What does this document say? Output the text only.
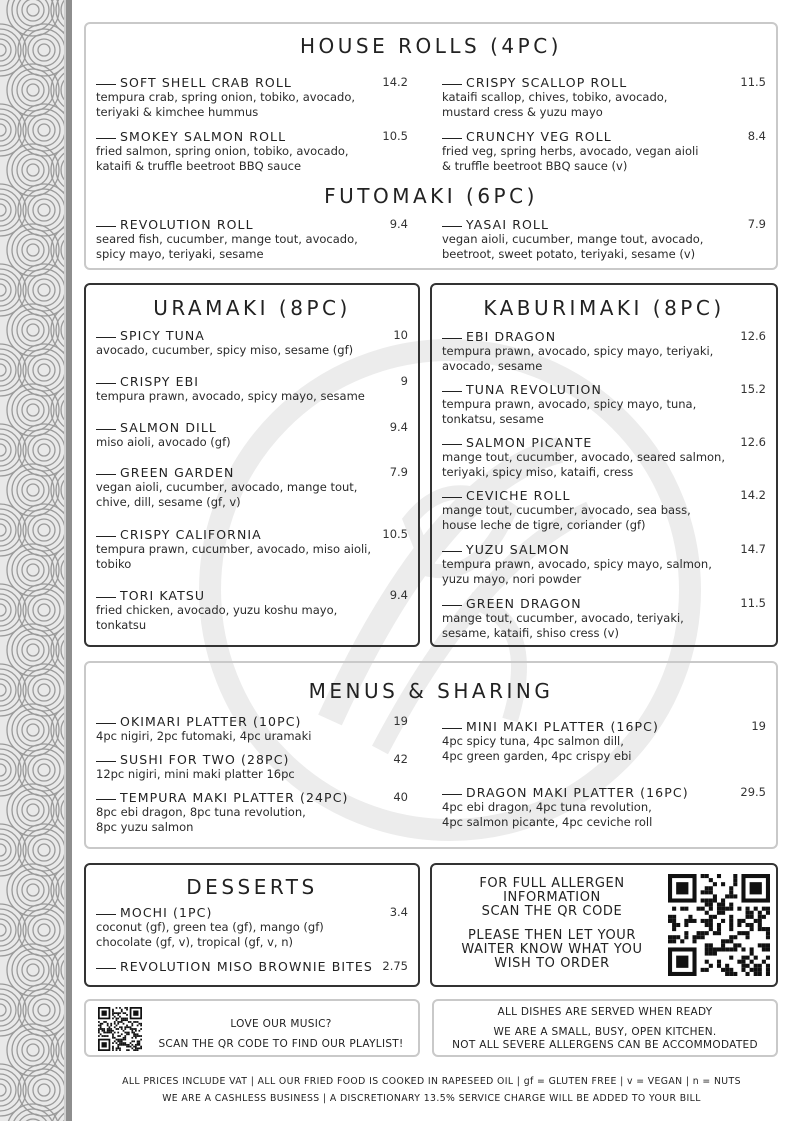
HOUSE ROLLS (4PC)
FUTOMAKI (6PC)
SOFT SHELL CRAB ROLL	14.2
tempura crab, spring onion, tobiko, avocado,
teriyaki & kimchee hummus
CRISPY SCALLOP ROLL	11.5
kataifi scallop, chives, tobiko, avocado,
mustard cress & yuzu mayo
SMOKEY SALMON ROLL	10.5
fried salmon, spring onion, tobiko, avocado,
kataifi & truffle beetroot BBQ sauce
CRUNCHY VEG ROLL	8.4
fried veg, spring herbs, avocado, vegan aioli
& truffle beetroot BBQ sauce (v)
REVOLUTION ROLL	9.4
seared fish, cucumber, mange tout, avocado,
spicy mayo, teriyaki, sesame
YASAI ROLL	7.9
vegan aioli, cucumber, mange tout, avocado,
beetroot, sweet potato, teriyaki, sesame (v)
SPICY TUNA	10
avocado, cucumber, spicy miso, sesame (gf)
CRISPY EBI	9
tempura prawn, avocado, spicy mayo, sesame
SALMON DILL	9.4
miso aioli, avocado (gf)
GREEN GARDEN	7.9
vegan aioli, cucumber, avocado, mange tout,
chive, dill, sesame (gf, v)
CRISPY CALIFORNIA	10.5
tempura prawn, cucumber, avocado, miso aioli,
tobiko
TORI KATSU	9.4
fried chicken, avocado, yuzu koshu mayo,
tonkatsu
EBI DRAGON	12.6
tempura prawn, avocado, spicy mayo, teriyaki,
avocado, sesame
TUNA REVOLUTION	15.2
tempura prawn, avocado, spicy mayo, tuna,
tonkatsu, sesame
SALMON PICANTE	12.6
mange tout, cucumber, avocado, seared salmon,
teriyaki, spicy miso, kataifi, cress
CEVICHE ROLL	14.2
mange tout, cucumber, avocado, sea bass,
house leche de tigre, coriander (gf)
YUZU SALMON	14.7
tempura prawn, avocado, spicy mayo, salmon,
yuzu mayo, nori powder
GREEN DRAGON	11.5
mange tout, cucumber, avocado, teriyaki,
sesame, kataifi, shiso cress (v)
OKIMARI PLATTER (10PC)	19
4pc nigiri, 2pc futomaki, 4pc uramaki
SUSHI FOR TWO (28PC)	42
12pc nigiri, mini maki platter 16pc
TEMPURA MAKI PLATTER (24PC)	40
8pc ebi dragon, 8pc tuna revolution,
8pc yuzu salmon
MINI MAKI PLATTER (16PC)	19
4pc spicy tuna, 4pc salmon dill,
4pc green garden, 4pc crispy ebi
DRAGON MAKI PLATTER (16PC)	29.5
4pc ebi dragon, 4pc tuna revolution,
4pc salmon picante, 4pc ceviche roll
MOCHI (1PC)	3.4
coconut (gf), green tea (gf), mango (gf)
chocolate (gf, v), tropical (gf, v, n)
REVOLUTION MISO BROWNIE BITES 2.75
URAMAKI (8PC)	KABURIMAKI (8PC)
MENUS & SHARING
DESSERTS	FOR FULL ALLERGEN
INFORMATION
SCAN THE QR CODE
PLEASE THEN LET YOUR
WAITER KNOW WHAT YOU
WISH TO ORDER
LOVE OUR MUSIC?
SCAN THE QR CODE TO FIND OUR PLAYLIST!
ALL DISHES ARE SERVED WHEN READY
WE ARE A SMALL, BUSY, OPEN KITCHEN.
NOT ALL SEVERE ALLERGENS CAN BE ACCOMMODATED
ALL PRICES INCLUDE VAT | ALL OUR FRIED FOOD IS COOKED IN RAPESEED OIL | gf = GLUTEN FREE | v = VEGAN | n = NUTS
WE ARE A CASHLESS BUSINESS | A DISCRETIONARY 13.5% SERVICE CHARGE WILL BE ADDED TO YOUR BILL
